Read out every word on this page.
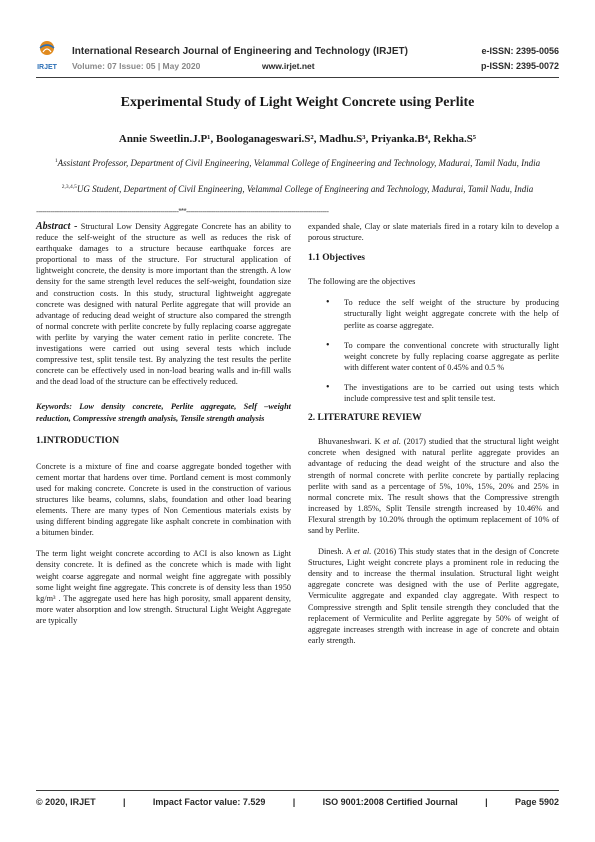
IRJET
International Research Journal of Engineering and Technology (IRJET)
Volume: 07 Issue: 05 | May 2020	www.irjet.net
e-ISSN: 2395-0056
p-ISSN: 2395-0072
Experimental Study of Light Weight Concrete using Perlite
Annie Sweetlin.J.P¹, Boologanageswari.S², Madhu.S³, Priyanka.B⁴, Rekha.S⁵
$^1$Assistant Professor, Department of Civil Engineering, Velammal College of Engineering and Technology, Madurai, Tamil Nadu, India
$^{2,3,4,5}$UG Student, Department of Civil Engineering, Velammal College of Engineering and Technology, Madurai, Tamil Nadu, India
---------------------------------------------------------------------***---------------------------------------------------------------------

Abstract - Structural Low Density Aggregate Concrete has an ability to reduce the self-weight of the structure as well as reduces the risk of earthquake damages to a structure because earthquake forces are proportional to mass of the structure. For structural application of lightweight concrete, the density is more important than the strength. A low density for the same strength level reduces the self-weight, foundation size and construction costs. In this study, structural lightweight aggregate concrete was designed with natural Perlite aggregate that will provide an advantage of reducing dead weight of structure also compared the strength of normal concrete with perlite concrete by fully replacing coarse aggregate with perlite by varying the water cement ratio in perlite concrete. The investigations were carried out using several tests which include compressive test, split tensile test. By analyzing the test results the perlite concrete can be effectively used in non-load bearing walls and in-fill walls and the dead load of the structure can be effectively reduced.

Keywords: Low density concrete, Perlite aggregate, Self –weight reduction, Compressive strength analysis, Tensile strength analysis

1.INTRODUCTION

Concrete is a mixture of fine and coarse aggregate bonded together with cement mortar that hardens over time. Portland cement is most commonly used for making concrete. Concrete is used in the construction of various structures like beams, columns, slabs, foundation and other load bearing elements. There are many types of Non Cementious materials exists by using different binding aggregate like asphalt concrete in combination with a bitumen binder.

The term light weight concrete according to ACI is also known as Light density concrete. It is defined as the concrete which is made with light weight coarse aggregate and normal weight fine aggregate with possibly some light weight fine aggregate. This concrete is of density less than 1950 kg/m³ . The aggregate used here has high porosity, small apparent density, more water absorption and low strength. Structural Light Weight Aggregate are typically

expanded shale, Clay or slate materials fired in a rotary kiln to develop a porous structure.

1.1 Objectives

The following are the objectives

• To reduce the self weight of the structure by producing structurally light weight aggregate concrete with the help of perlite as coarse aggregate.
• To compare the conventional concrete with structurally light weight concrete by fully replacing coarse aggregate as perlite with different water content of 0.45% and 0.5 %
• The investigations are to be carried out using tests which include compressive test and split tensile test.
2. LITERATURE REVIEW

Bhuvaneshwari. K et al. (2017) studied that the structural light weight concrete when designed with natural perlite aggregate provides an advantage of reducing the dead weight of the structure and also the strength of normal concrete with perlite concrete by partially replacing perlite with sand as a percentage of 5%, 10%, 15%, 20% and 25% in normal concrete mix. The result shows that the Compressive strength increased by 1.85%, Split Tensile strength increased by 10.46% and Flexural strength by 10.20% through the optimum replacement of 10% of sand by Perlite.

Dinesh. A et al. (2016) This study states that in the design of Concrete Structures, Light weight concrete plays a prominent role in reducing the density and to increase the thermal insulation. Structural light weight aggregate concrete was designed with the use of Perlite aggregate, Vermiculite aggregate and expanded clay aggregate. With respect to Compressive strength and Split tensile strength they concluded that the replacement of Vermiculite and Perlite aggregate by 50% of weight of aggregate increases strength with increase in age of concrete and obtain early strength.

© 2020, IRJET	|	Impact Factor value: 7.529	|	ISO 9001:2008 Certified Journal	|	Page 5902
